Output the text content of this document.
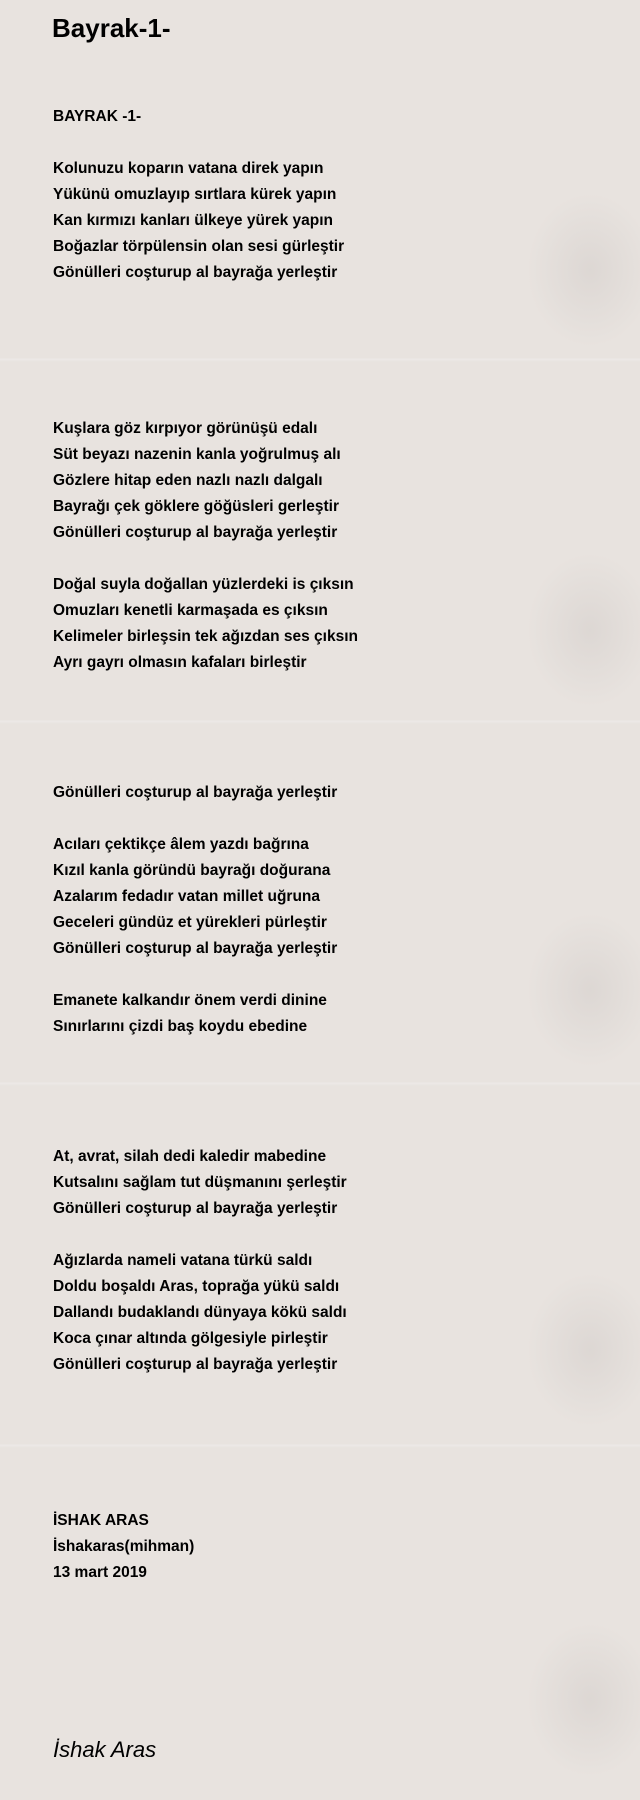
Bayrak-1-
BAYRAK -1-
Kolunuzu koparın vatana direk yapın
Yükünü omuzlayıp sırtlara kürek yapın
Kan kırmızı kanları ülkeye yürek yapın
Boğazlar törpülensin olan sesi gürleştir
Gönülleri coşturup al bayrağa yerleştir
Kuşlara göz kırpıyor görünüşü edalı
Süt beyazı nazenin kanla yoğrulmuş alı
Gözlere hitap eden nazlı nazlı dalgalı
Bayrağı çek göklere göğüsleri gerleştir
Gönülleri coşturup al bayrağa yerleştir
Doğal suyla doğallan yüzlerdeki is çıksın
Omuzları kenetli karmaşada es çıksın
Kelimeler birleşsin tek ağızdan ses çıksın
Ayrı gayrı olmasın kafaları birleştir
Gönülleri coşturup al bayrağa yerleştir
Acıları çektikçe âlem yazdı bağrına
Kızıl kanla göründü bayrağı doğurana
Azalarım fedadır vatan millet uğruna
Geceleri gündüz et yürekleri pürleştir
Gönülleri coşturup al bayrağa yerleştir
Emanete kalkandır önem verdi dinine
Sınırlarını çizdi baş koydu ebedine
At, avrat, silah dedi kaledir mabedine
Kutsalını sağlam tut düşmanını şerleştir
Gönülleri coşturup al bayrağa yerleştir
Ağızlarda nameli vatana türkü saldı
Doldu boşaldı Aras, toprağa yükü saldı
Dallandı budaklandı dünyaya kökü saldı
Koca çınar altında gölgesiyle pirleştir
Gönülleri coşturup al bayrağa yerleştir
İSHAK ARAS
İshakaras(mihman)
13 mart 2019
İshak Aras
